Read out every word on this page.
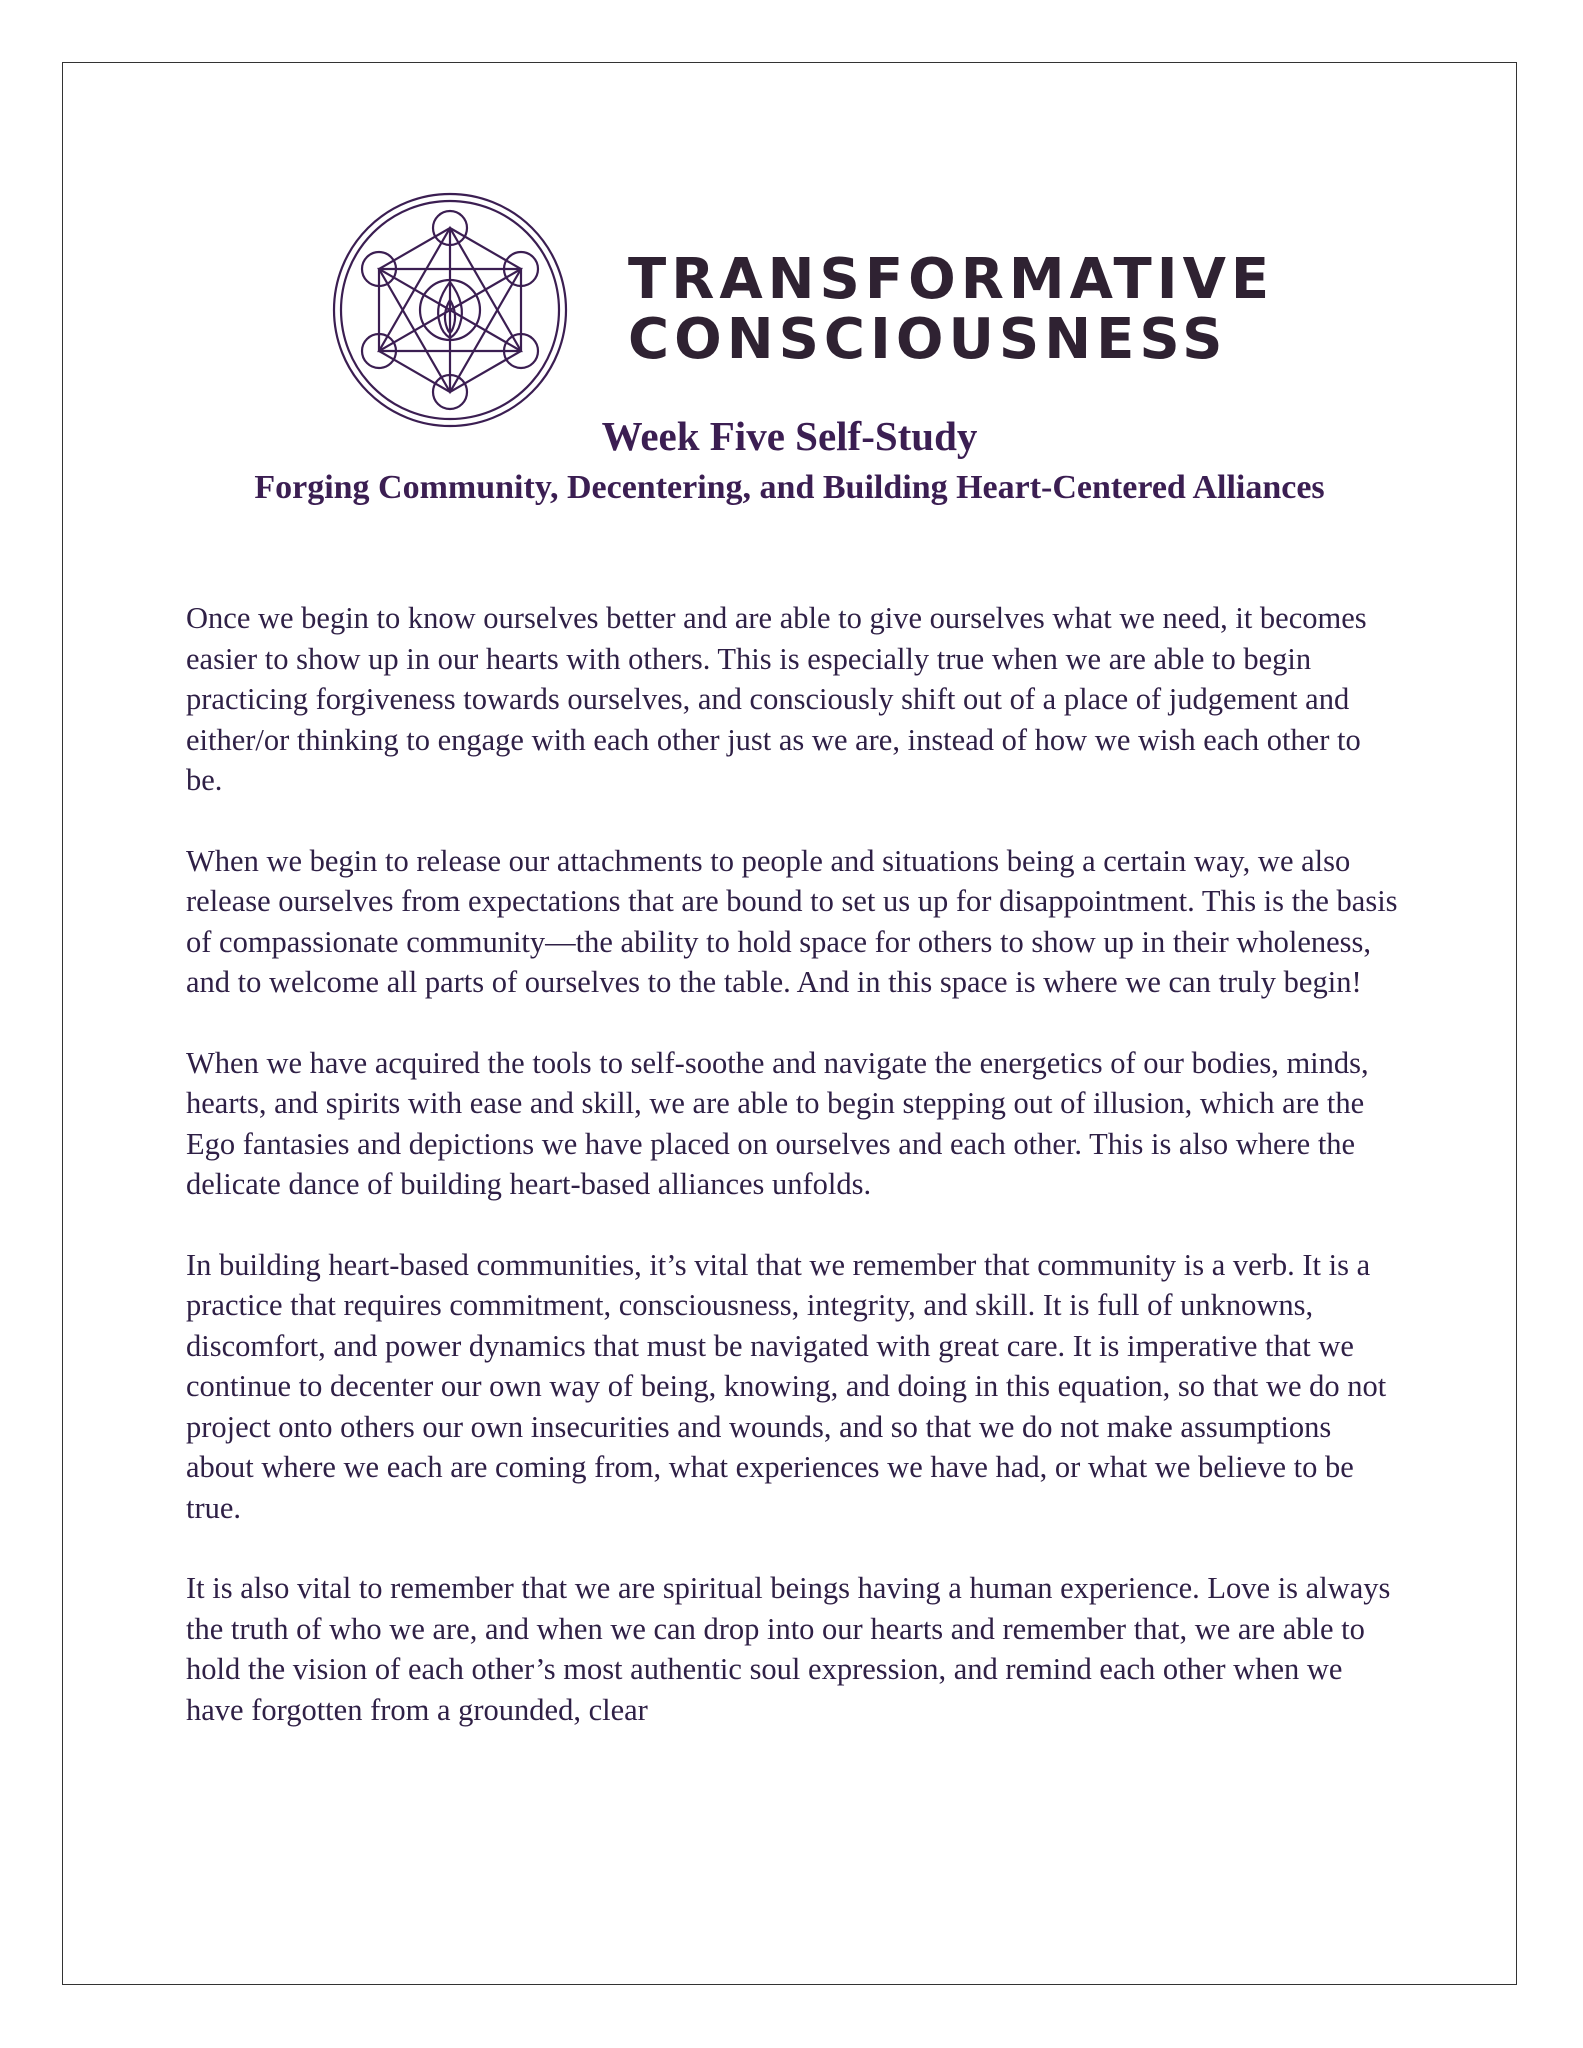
TRANSFORMATIVE
CONSCIOUSNESS
Week Five Self-Study
Forging Community, Decentering, and Building Heart-Centered Alliances

Once we begin to know ourselves better and are able to give ourselves what we need, it becomes easier to show up in our hearts with others. This is especially true when we are able to begin practicing forgiveness towards ourselves, and consciously shift out of a place of judgement and either/or thinking to engage with each other just as we are, instead of how we wish each other to be.

When we begin to release our attachments to people and situations being a certain way, we also release ourselves from expectations that are bound to set us up for disappointment. This is the basis of compassionate community—the ability to hold space for others to show up in their wholeness, and to welcome all parts of ourselves to the table. And in this space is where we can truly begin!

When we have acquired the tools to self-soothe and navigate the energetics of our bodies, minds, hearts, and spirits with ease and skill, we are able to begin stepping out of illusion, which are the Ego fantasies and depictions we have placed on ourselves and each other. This is also where the delicate dance of building heart-based alliances unfolds.

In building heart-based communities, it’s vital that we remember that community is a verb. It is a practice that requires commitment, consciousness, integrity, and skill. It is full of unknowns, discomfort, and power dynamics that must be navigated with great care. It is imperative that we continue to decenter our own way of being, knowing, and doing in this equation, so that we do not project onto others our own insecurities and wounds, and so that we do not make assumptions about where we each are coming from, what experiences we have had, or what we believe to be true.

It is also vital to remember that we are spiritual beings having a human experience. Love is always the truth of who we are, and when we can drop into our hearts and remember that, we are able to hold the vision of each other’s most authentic soul expression, and remind each other when we have forgotten from a grounded, clear
